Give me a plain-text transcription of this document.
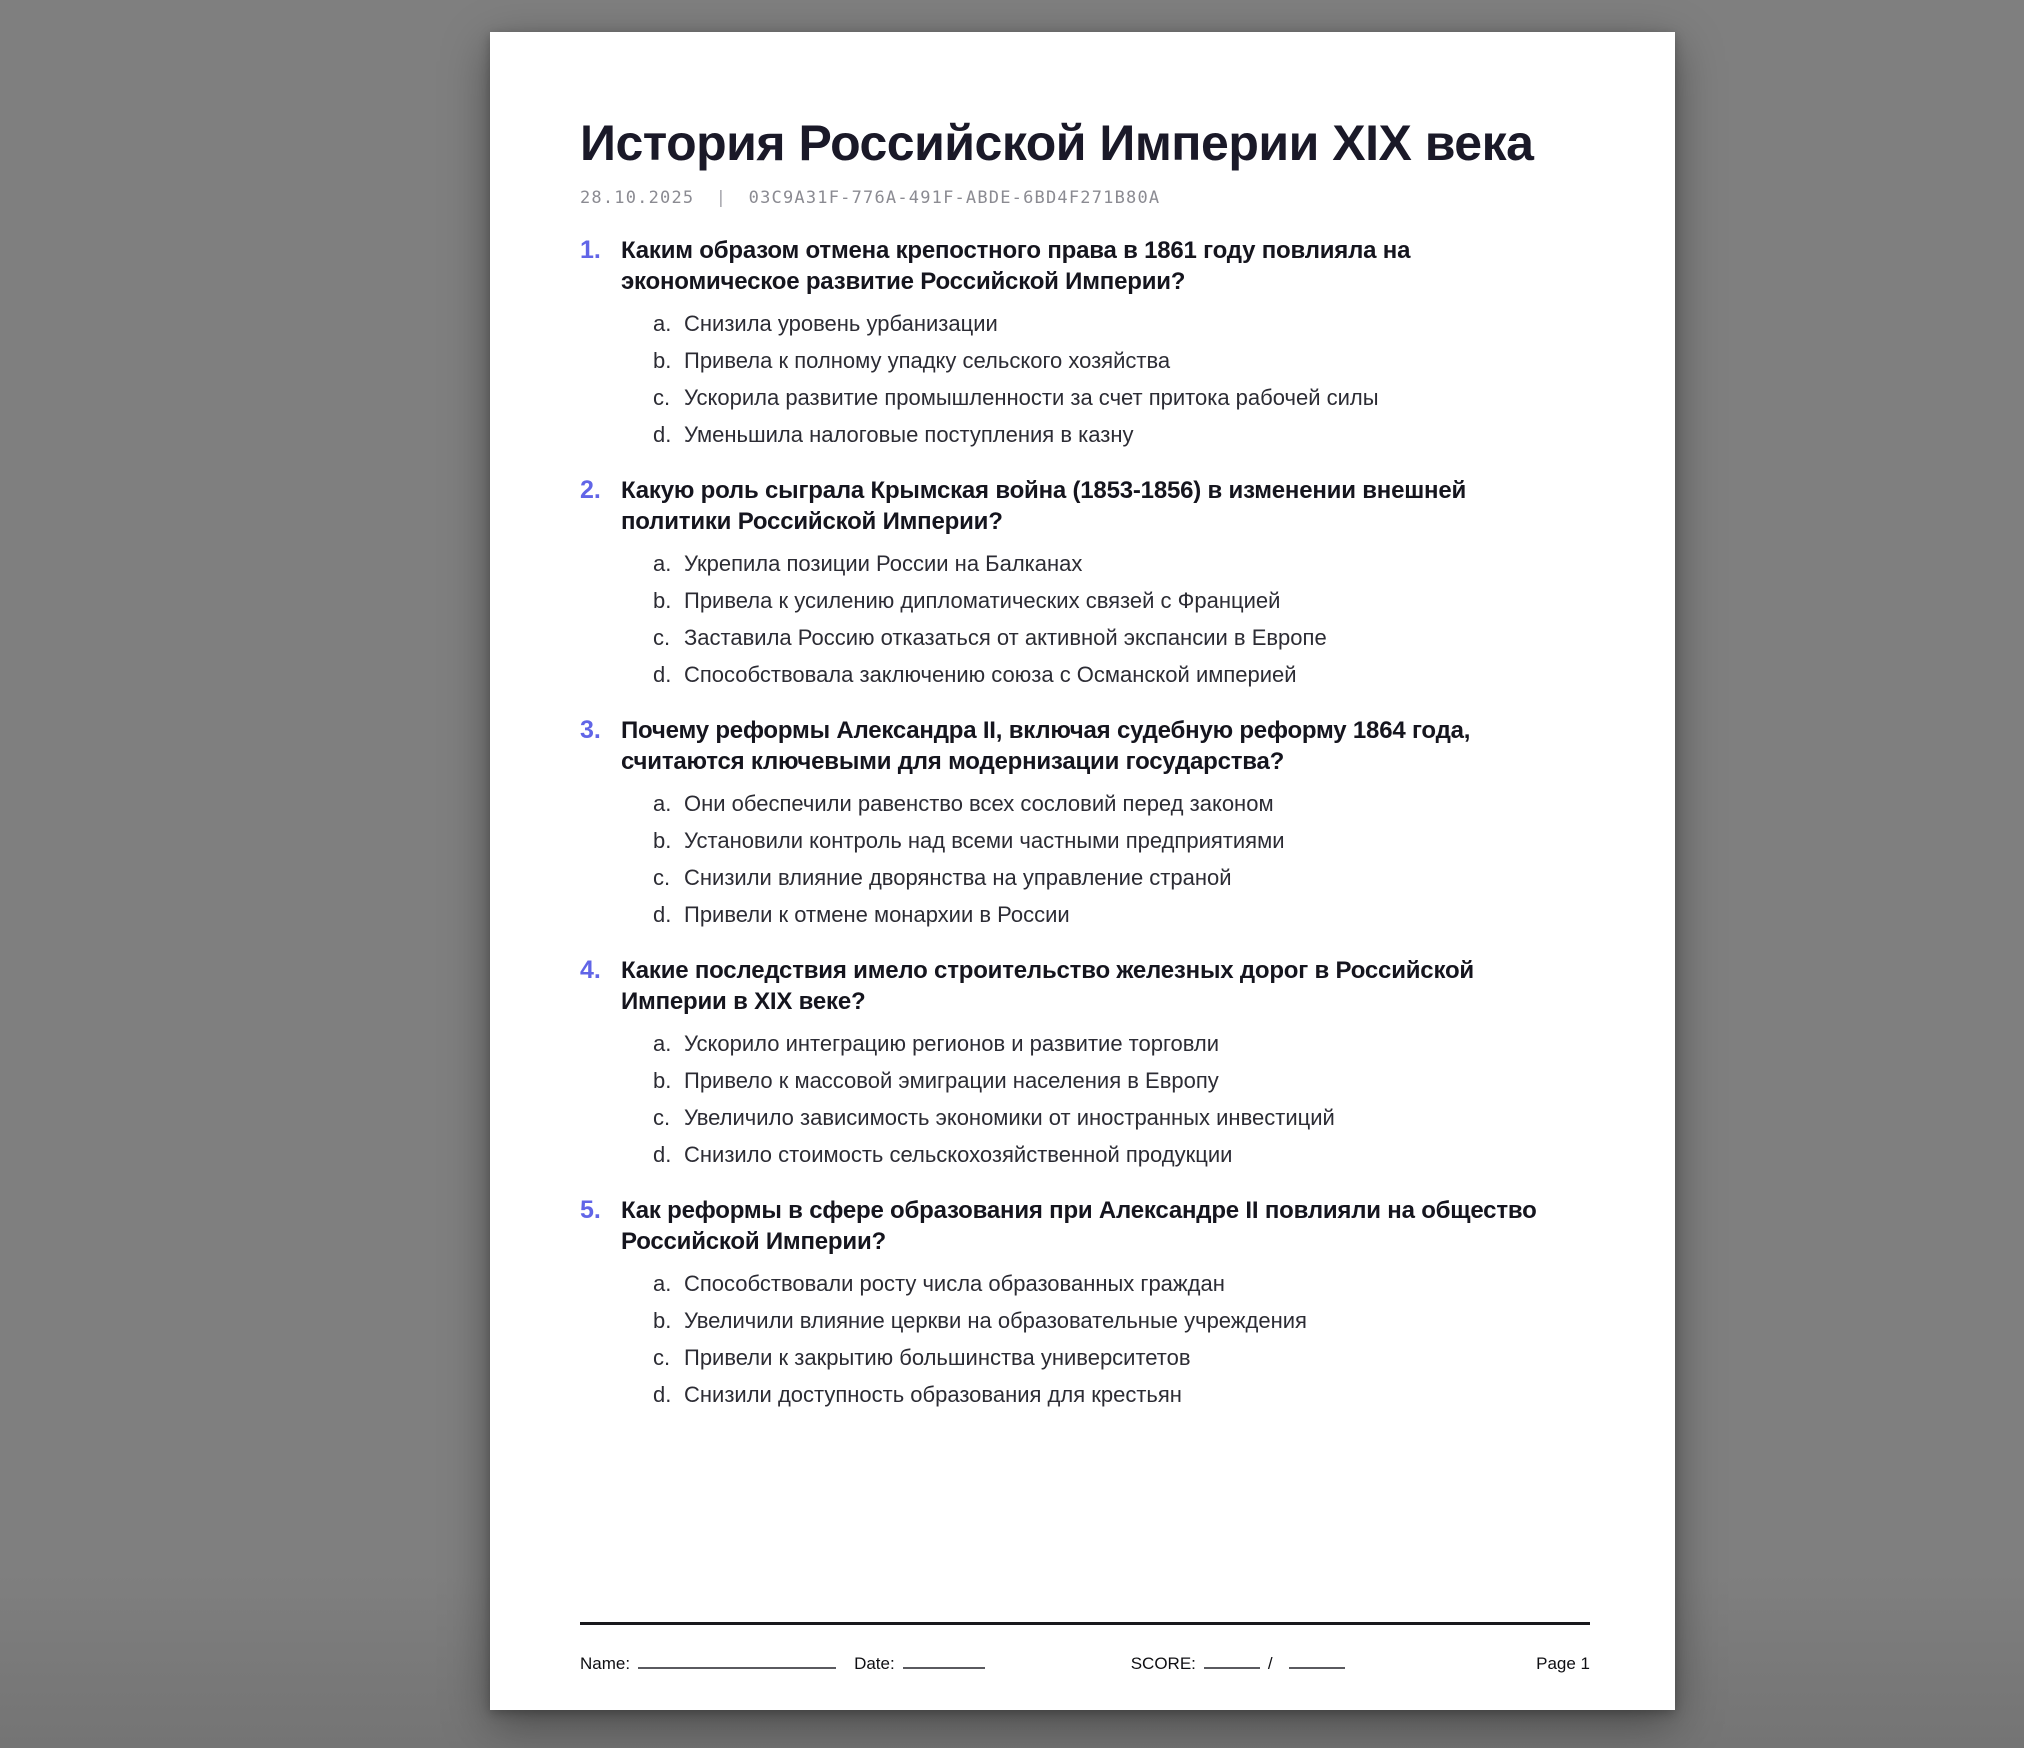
История Российской Империи XIX века
28.10.2025 | 03C9A31F-776A-491F-ABDE-6BD4F271B80A
1. Каким образом отмена крепостного права в 1861 году повлияла на экономическое развитие Российской Империи?
a. Снизила уровень урбанизации
b. Привела к полному упадку сельского хозяйства
c. Ускорила развитие промышленности за счет притока рабочей силы
d. Уменьшила налоговые поступления в казну
2. Какую роль сыграла Крымская война (1853-1856) в изменении внешней политики Российской Империи?
a. Укрепила позиции России на Балканах
b. Привела к усилению дипломатических связей с Францией
c. Заставила Россию отказаться от активной экспансии в Европе
d. Способствовала заключению союза с Османской империей
3. Почему реформы Александра II, включая судебную реформу 1864 года, считаются ключевыми для модернизации государства?
a. Они обеспечили равенство всех сословий перед законом
b. Установили контроль над всеми частными предприятиями
c. Снизили влияние дворянства на управление страной
d. Привели к отмене монархии в России
4. Какие последствия имело строительство железных дорог в Российской Империи в XIX веке?
a. Ускорило интеграцию регионов и развитие торговли
b. Привело к массовой эмиграции населения в Европу
c. Увеличило зависимость экономики от иностранных инвестиций
d. Снизило стоимость сельскохозяйственной продукции
5. Как реформы в сфере образования при Александре II повлияли на общество Российской Империи?
a. Способствовали росту числа образованных граждан
b. Увеличили влияние церкви на образовательные учреждения
c. Привели к закрытию большинства университетов
d. Снизили доступность образования для крестьян
Name:	Date:	SCORE:	/	Page 1
